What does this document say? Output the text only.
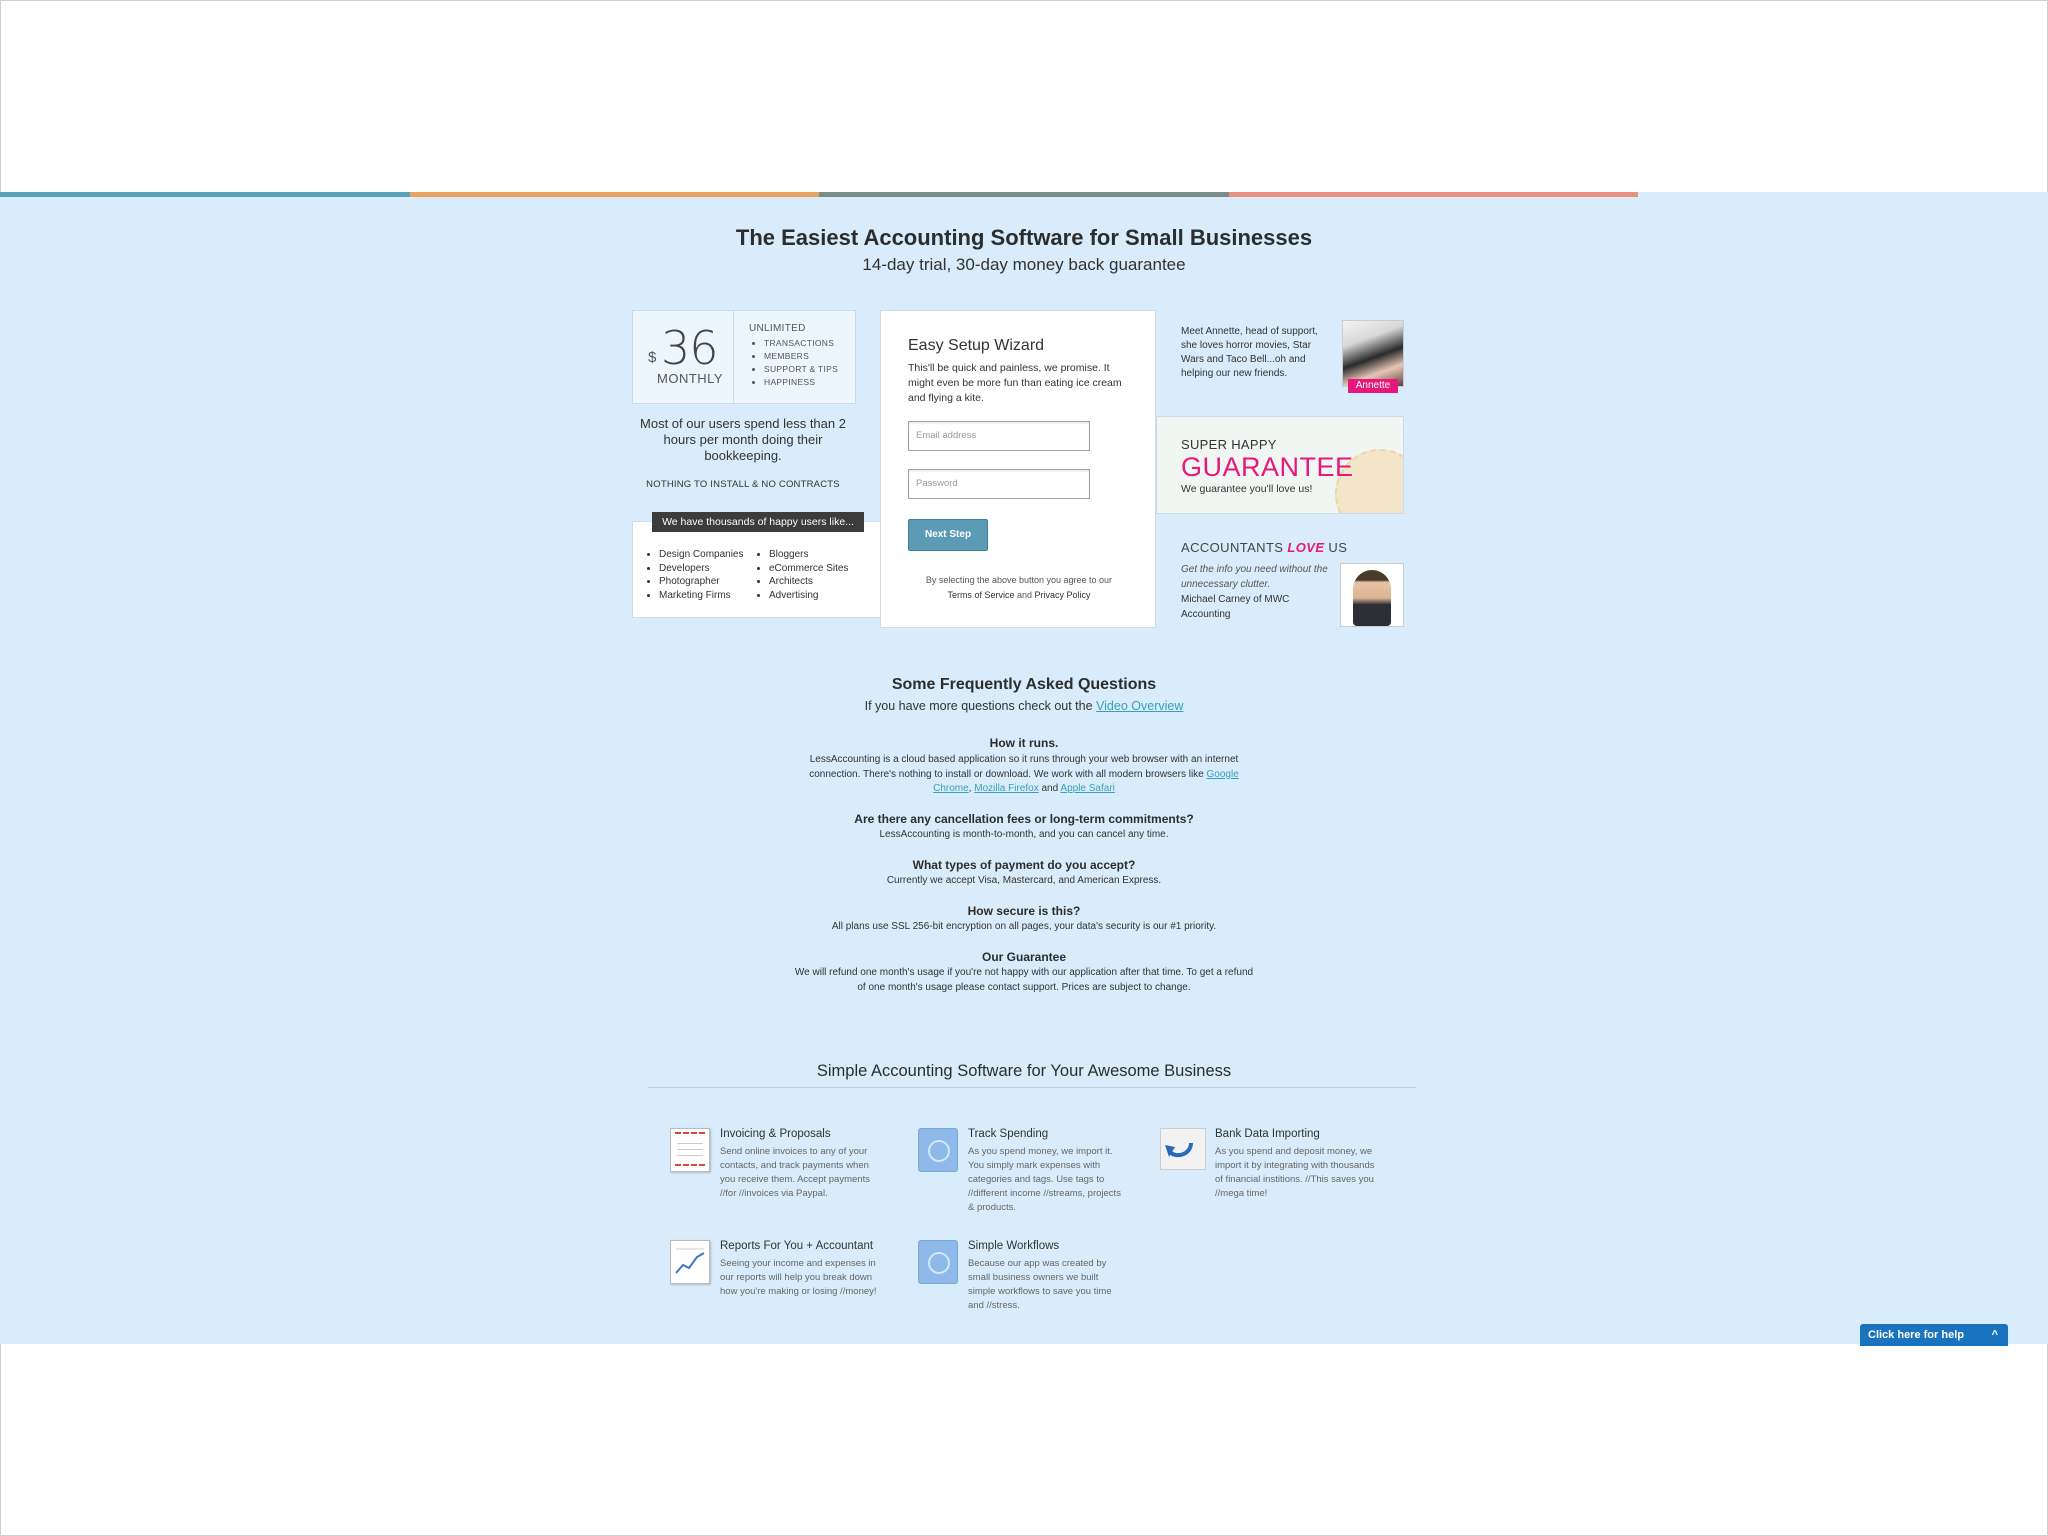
The Easiest Accounting Software for Small Businesses
14-day trial, 30-day money back guarantee
$ 36
MONTHLY
UNLIMITED
• TRANSACTIONS
• MEMBERS
• SUPPORT & TIPS
• HAPPINESS
Most of our users spend less than 2 hours per month doing their bookkeeping.
NOTHING TO INSTALL & NO CONTRACTS
• Design Companies
• Developers
• Photographer
• Marketing Firms
• Bloggers
• eCommerce Sites
• Architects
• Advertising
We have thousands of happy users like...
Easy Setup Wizard
This'll be quick and painless, we promise. It might even be more fun than eating ice cream and flying a kite.
Email address
Password
Next Step
By selecting the above button you agree to our
Terms of Service and Privacy Policy
Meet Annette, head of support, she loves horror movies, Star Wars and Taco Bell...oh and helping our new friends.
Annette
SUPER HAPPY
GUARANTEE
We guarantee you'll love us!
ACCOUNTANTS LOVE US
Get the info you need without the unnecessary clutter.
Michael Carney of MWC Accounting
Some Frequently Asked Questions
If you have more questions check out the Video Overview
How it runs.
LessAccounting is a cloud based application so it runs through your web browser with an internet connection. There's nothing to install or download. We work with all modern browsers like Google Chrome, Mozilla Firefox and Apple Safari
Are there any cancellation fees or long-term commitments?
LessAccounting is month-to-month, and you can cancel any time.
What types of payment do you accept?
Currently we accept Visa, Mastercard, and American Express.
How secure is this?
All plans use SSL 256-bit encryption on all pages, your data's security is our #1 priority.
Our Guarantee
We will refund one month's usage if you're not happy with our application after that time. To get a refund of one month's usage please contact support. Prices are subject to change.
Simple Accounting Software for Your Awesome Business
Invoicing & Proposals
Send online invoices to any of your contacts, and track payments when you receive them. Accept payments //for //invoices via Paypal.
Track Spending
As you spend money, we import it. You simply mark expenses with categories and tags. Use tags to //different income //streams, projects & products.
Bank Data Importing
As you spend and deposit money, we import it by integrating with thousands of financial institions. //This saves you //mega time!
Reports For You + Accountant
Seeing your income and expenses in our reports will help you break down how you're making or losing //money!
Simple Workflows
Because our app was created by small business owners we built simple workflows to save you time and //stress.
Click here for help	^
